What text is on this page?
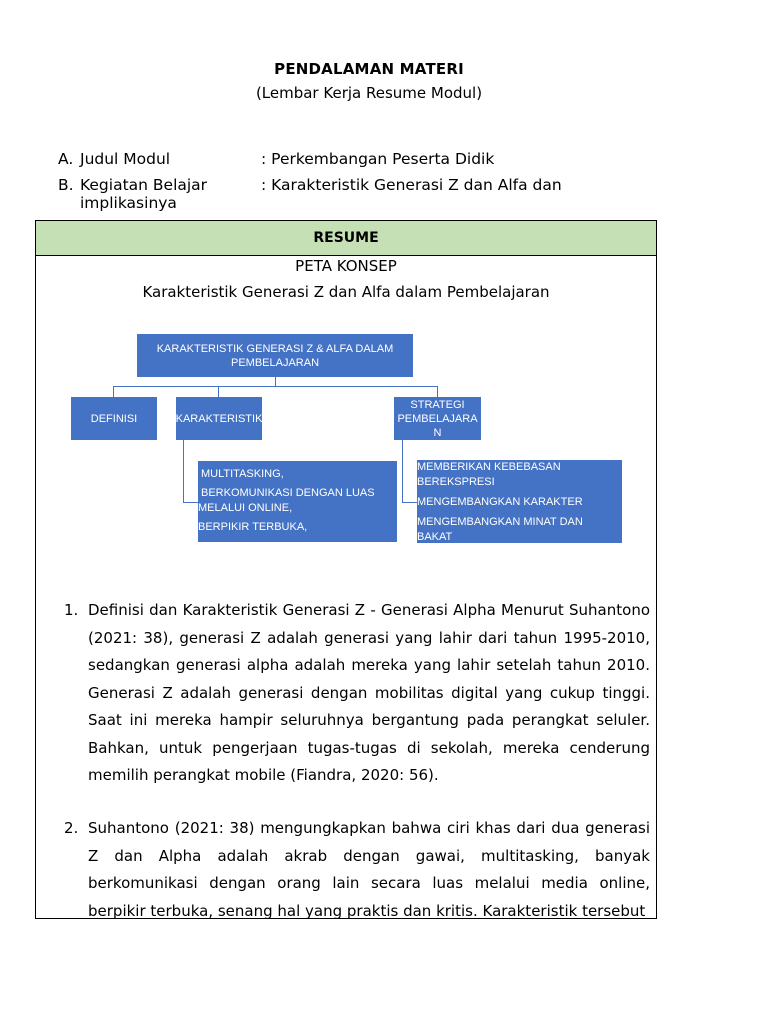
PENDALAMAN MATERI
(Lembar Kerja Resume Modul)
A. Judul Modul	: Perkembangan Peserta Didik
B. Kegiatan Belajar	: Karakteristik Generasi Z dan Alfa dan
implikasinya
RESUME
PETA KONSEP
Karakteristik Generasi Z dan Alfa dalam Pembelajaran
KARAKTERISTIK GENERASI Z & ALFA DALAM PEMBELAJARAN
DEFINISI	KARAKTERISTIK
STRATEGI PEMBELAJARA N
MULTITASKING,
BERKOMUNIKASI DENGAN LUAS
MELALUI ONLINE,
BERPIKIR TERBUKA,
MEMBERIKAN KEBEBASAN
BEREKSPRESI
MENGEMBANGKAN KARAKTER
MENGEMBANGKAN MINAT DAN
BAKAT
1. Definisi dan Karakteristik Generasi Z - Generasi Alpha Menurut Suhantono (2021: 38), generasi Z adalah generasi yang lahir dari tahun 1995-2010, sedangkan generasi alpha adalah mereka yang lahir setelah tahun 2010. Generasi Z adalah generasi dengan mobilitas digital yang cukup tinggi. Saat ini mereka hampir seluruhnya bergantung pada perangkat seluler. Bahkan, untuk pengerjaan tugas-tugas di sekolah, mereka cenderung memilih perangkat mobile (Fiandra, 2020: 56).
2. Suhantono (2021: 38) mengungkapkan bahwa ciri khas dari dua generasi Z dan Alpha adalah akrab dengan gawai, multitasking, banyak berkomunikasi dengan orang lain secara luas melalui media online, berpikir terbuka, senang hal yang praktis dan kritis. Karakteristik tersebut
